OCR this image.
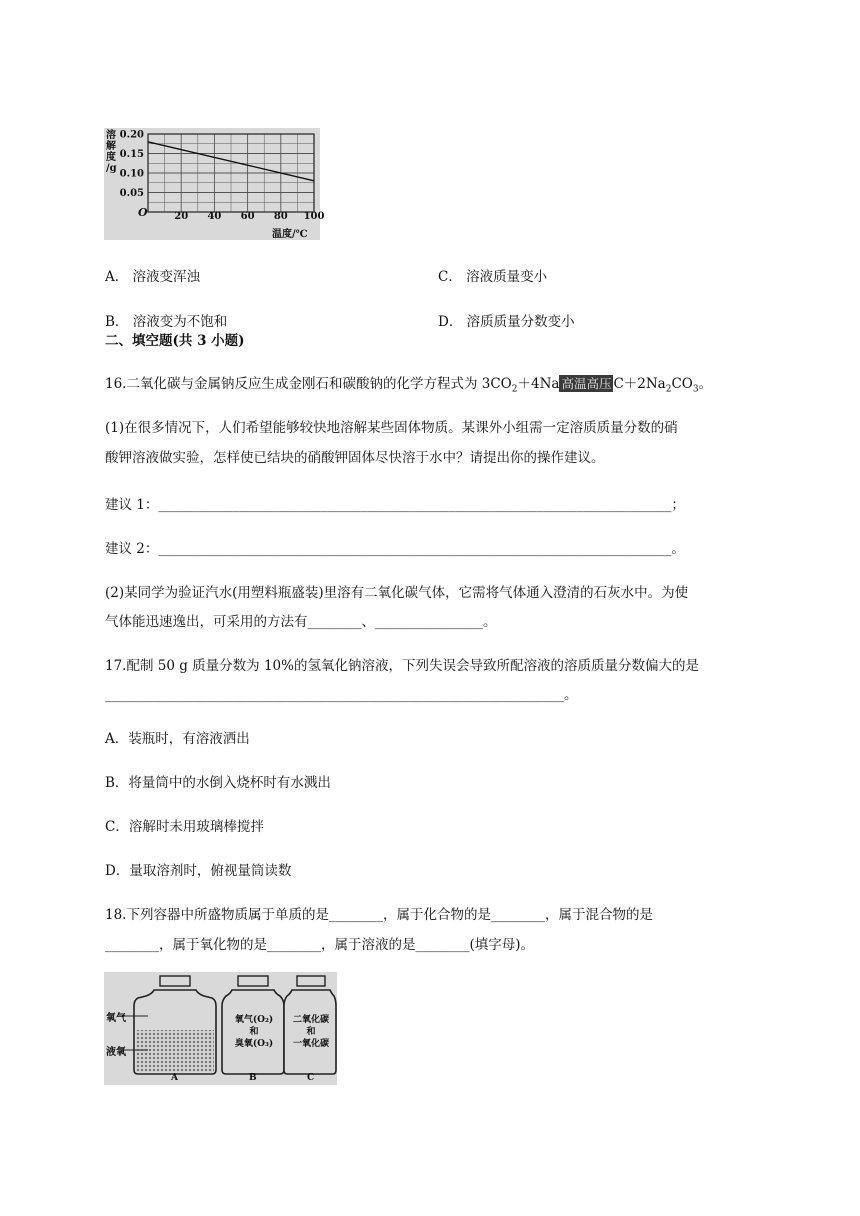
0.20
0.15
0.10
0.05
20 40 60 80 100
溶
解
度
/g
O
温度/℃
A． 溶液变浑浊	C． 溶液质量变小
B． 溶液变为不饱和	D． 溶质质量分数变小
二、填空题(共 3 小题)
16.二氧化碳与金属钠反应生成金刚石和碳酸钠的化学方程式为 $3CO_2+4Na$ 高温高压 $C+2Na_2CO_3$。
(1)在很多情况下，人们希望能够较快地溶解某些固体物质。某课外小组需一定溶质质量分数的硝
酸钾溶液做实验，怎样使已结块的硝酸钾固体尽快溶于水中？请提出你的操作建议。
建议 1：____________________________________________________________________________；
建议 2：____________________________________________________________________________。
(2)某同学为验证汽水(用塑料瓶盛装)里溶有二氧化碳气体，它需将气体通入澄清的石灰水中。为使
气体能迅速逸出，可采用的方法有________、________________。
17.配制 50 g 质量分数为 10%的氢氧化钠溶液，下列失误会导致所配溶液的溶质质量分数偏大的是
____________________________________________________________________。
A．装瓶时，有溶液洒出
B．将量筒中的水倒入烧杯时有水溅出
C．溶解时未用玻璃棒搅拌
D．量取溶剂时，俯视量筒读数
18.下列容器中所盛物质属于单质的是________，属于化合物的是________，属于混合物的是
________，属于氧化物的是________，属于溶液的是________(填字母)。
氧气
液氧
氧气(O₂)
和
臭氧(O₃)
二氧化碳
和
一氧化碳
A	B	C
